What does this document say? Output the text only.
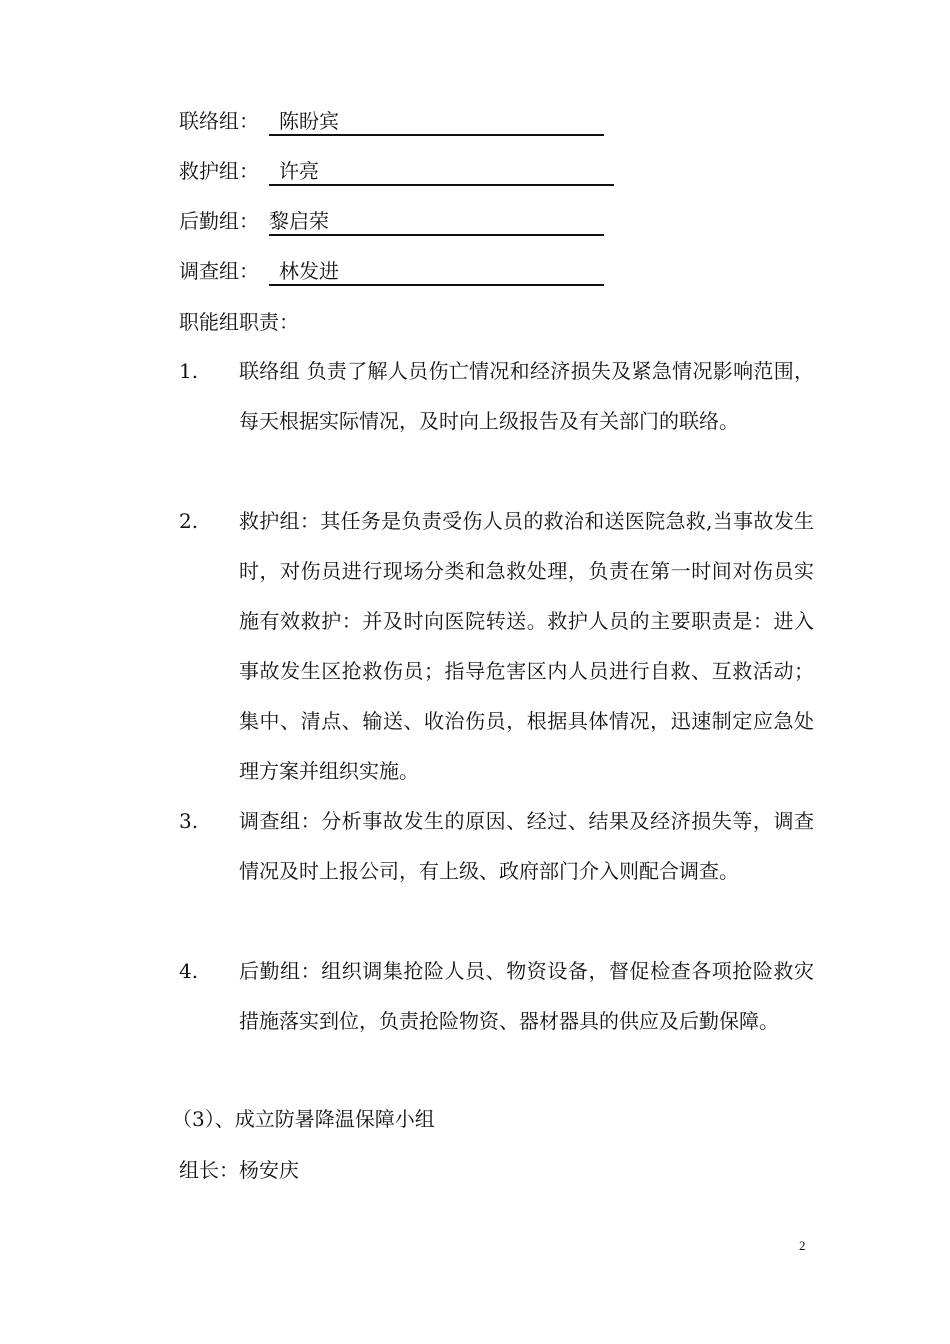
联络组：	陈盼宾
救护组：	许亮
后勤组： 黎启荣
调查组：	林发进
职能组职责：
1. 联络组 负责了解人员伤亡情况和经济损失及紧急情况影响范围，每天根据实际情况，及时向上级报告及有关部门的联络。
2. 救护组：其任务是负责受伤人员的救治和送医院急救,当事故发生时，对伤员进行现场分类和急救处理，负责在第一时间对伤员实施有效救护：并及时向医院转送。救护人员的主要职责是：进入事故发生区抢救伤员；指导危害区内人员进行自救、互救活动；集中、清点、输送、收治伤员，根据具体情况，迅速制定应急处理方案并组织实施。
3. 调查组：分析事故发生的原因、经过、结果及经济损失等，调查情况及时上报公司，有上级、政府部门介入则配合调查。
4. 后勤组：组织调集抢险人员、物资设备，督促检查各项抢险救灾措施落实到位，负责抢险物资、器材器具的供应及后勤保障。
（3）、成立防暑降温保障小组
组长：杨安庆
2
